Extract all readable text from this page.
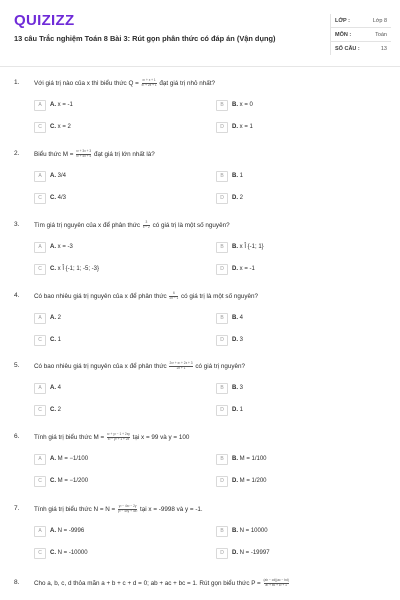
QUIZIZZ
13 câu Trắc nghiệm Toán 8 Bài 3: Rút gọn phân thức có đáp án (Vận dụng)
LỚP :	Lớp 8
MÔN :	Toán
SỐ CÂU :	13
1. Với giá trị nào của x thì biểu thức $Q = \frac{\text{x² + x + 1}}{\text{x² + 2x + 1}}$ đạt giá trị nhỏ nhất?
A	A. x = -1	B	B. x = 0
C	C. x = 2	D	D. x = 1
2. Biểu thức $M = \frac{\text{x² + 3x + 3}}{\text{x² + 4x + 4}}$ đạt giá trị lớn nhất là?
A	A. 3/4	B	B. 1
C	C. 4/3	D	D. 2
3. Tìm giá trị nguyên của x để phân thức $\frac{3}{x - 2}$ có giá trị là một số nguyên?
A	A. x = -3	B	B. x Î {-1; 1}
C	C. x Î {-1; 1; -5; -3}	D	D. x = -1
4. Có bao nhiêu giá trị nguyên của x để phân thức $\frac{6}{2x - 1}$ có giá trị là một số nguyên?
A	A. 2	B	B. 4
C	C. 1	D	D. 3
5. Có bao nhiêu giá trị nguyên của x để phân thức $\frac{\text{2x³ + x² + 2x + 3}}{2x + 1}$ có giá trị nguyên?
A	A. 4	B	B. 3
C	C. 2	D	D. 1
6. Tính giá trị biểu thức $M = \frac{\text{x² + y² − 1 + 2xy}}{\text{x² − y² + 1 + 2x}}$ tại x = 99 và y = 100
A	A. M = −1/100	B	B. M = 1/100
C	C. M = −1/200	D	D. M = 1/200
7. Tính giá trị biểu thức $N = N = \frac{\text{y² − 4x² − 2y}}{\text{y² − 4xy + 4x²}}$ tại x = -9998 và y = -1.
A	A. N = -9996	B	B. N = 10000
C	C. N = -10000	D	D. N = -19997
8. Cho a, b, c, d thỏa mãn a + b + c + d = 0; ab + ac + bc = 1. Rút gọn biểu thức $P = \frac{(ab - cd)(ac - bd)}{\text{a² + bc + c² + 1}}$
